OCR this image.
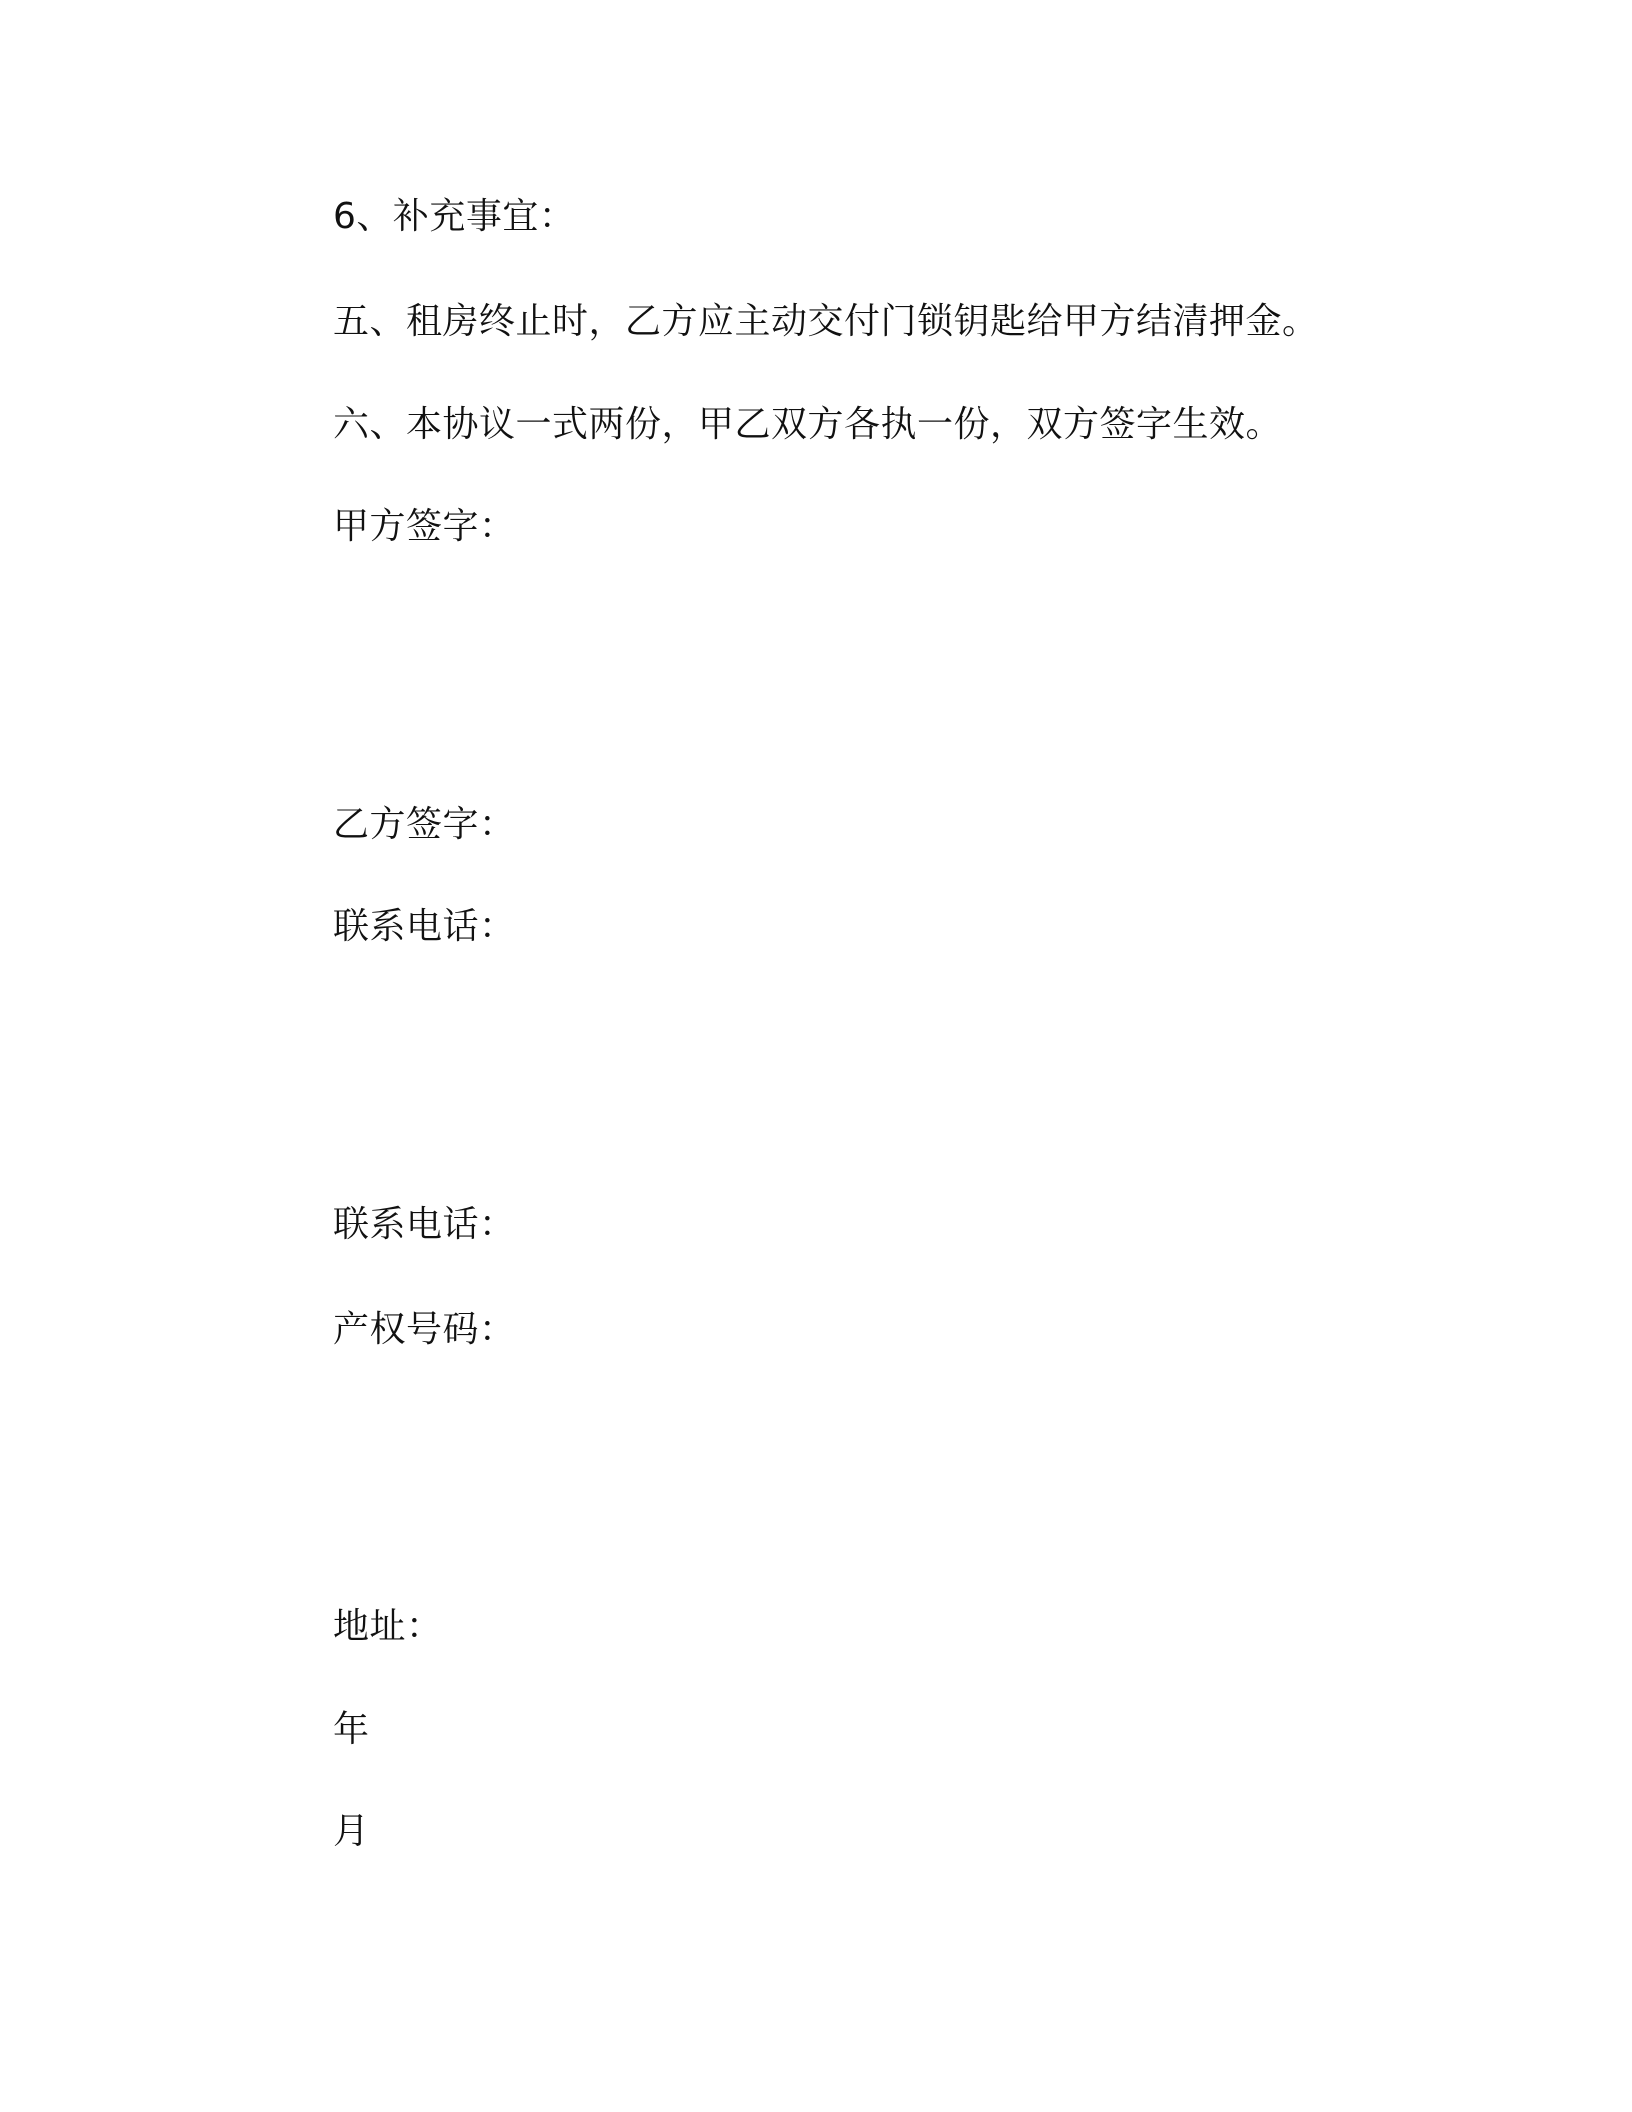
6、补充事宜：
五、租房终止时，乙方应主动交付门锁钥匙给甲方结清押金。
六、本协议一式两份，甲乙双方各执一份，双方签字生效。
甲方签字：
乙方签字：
联系电话：
联系电话：
产权号码：
地址：
年
月
